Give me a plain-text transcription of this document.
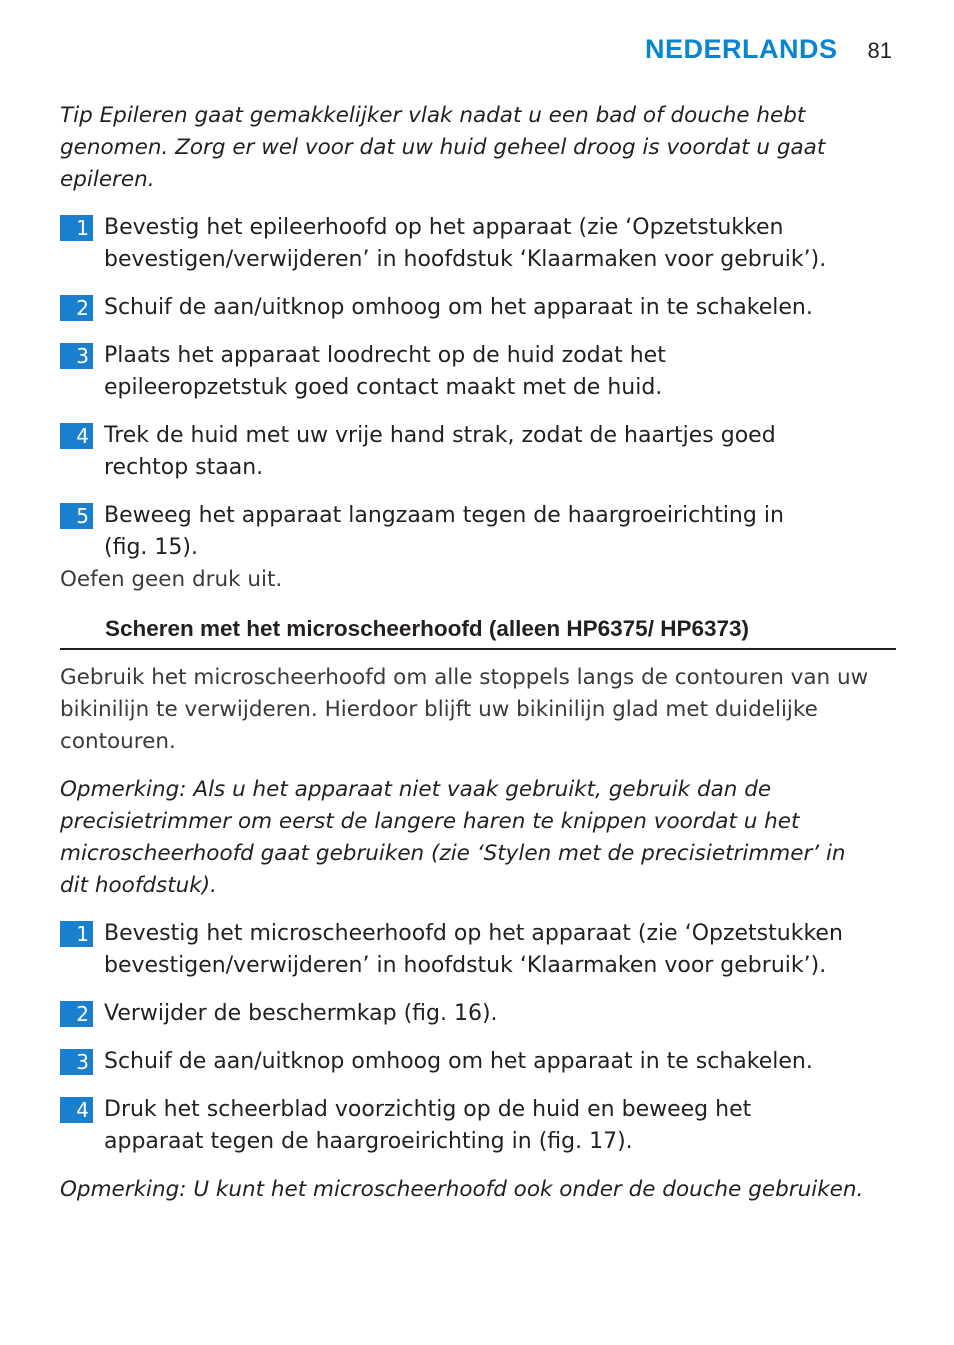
NEDERLANDS 81
Tip Epileren gaat gemakkelijker vlak nadat u een bad of douche hebt genomen. Zorg er wel voor dat uw huid geheel droog is voordat u gaat epileren.
1 Bevestig het epileerhoofd op het apparaat (zie ‘Opzetstukken bevestigen/verwijderen’ in hoofdstuk ‘Klaarmaken voor gebruik’).
2 Schuif de aan/uitknop omhoog om het apparaat in te schakelen.
3 Plaats het apparaat loodrecht op de huid zodat het epileeropzetstuk goed contact maakt met de huid.
4 Trek de huid met uw vrije hand strak, zodat de haartjes goed rechtop staan.
5 Beweeg het apparaat langzaam tegen de haargroeirichting in (fig. 15).
Oefen geen druk uit.
Scheren met het microscheerhoofd (alleen HP6375/ HP6373)
Gebruik het microscheerhoofd om alle stoppels langs de contouren van uw bikinilijn te verwijderen. Hierdoor blijft uw bikinilijn glad met duidelijke contouren.
Opmerking: Als u het apparaat niet vaak gebruikt, gebruik dan de precisietrimmer om eerst de langere haren te knippen voordat u het microscheerhoofd gaat gebruiken (zie ‘Stylen met de precisietrimmer’ in dit hoofdstuk).
1 Bevestig het microscheerhoofd op het apparaat (zie ‘Opzetstukken bevestigen/verwijderen’ in hoofdstuk ‘Klaarmaken voor gebruik’).
2 Verwijder de beschermkap (fig. 16).
3 Schuif de aan/uitknop omhoog om het apparaat in te schakelen.
4 Druk het scheerblad voorzichtig op de huid en beweeg het apparaat tegen de haargroeirichting in (fig. 17).
Opmerking: U kunt het microscheerhoofd ook onder de douche gebruiken.
